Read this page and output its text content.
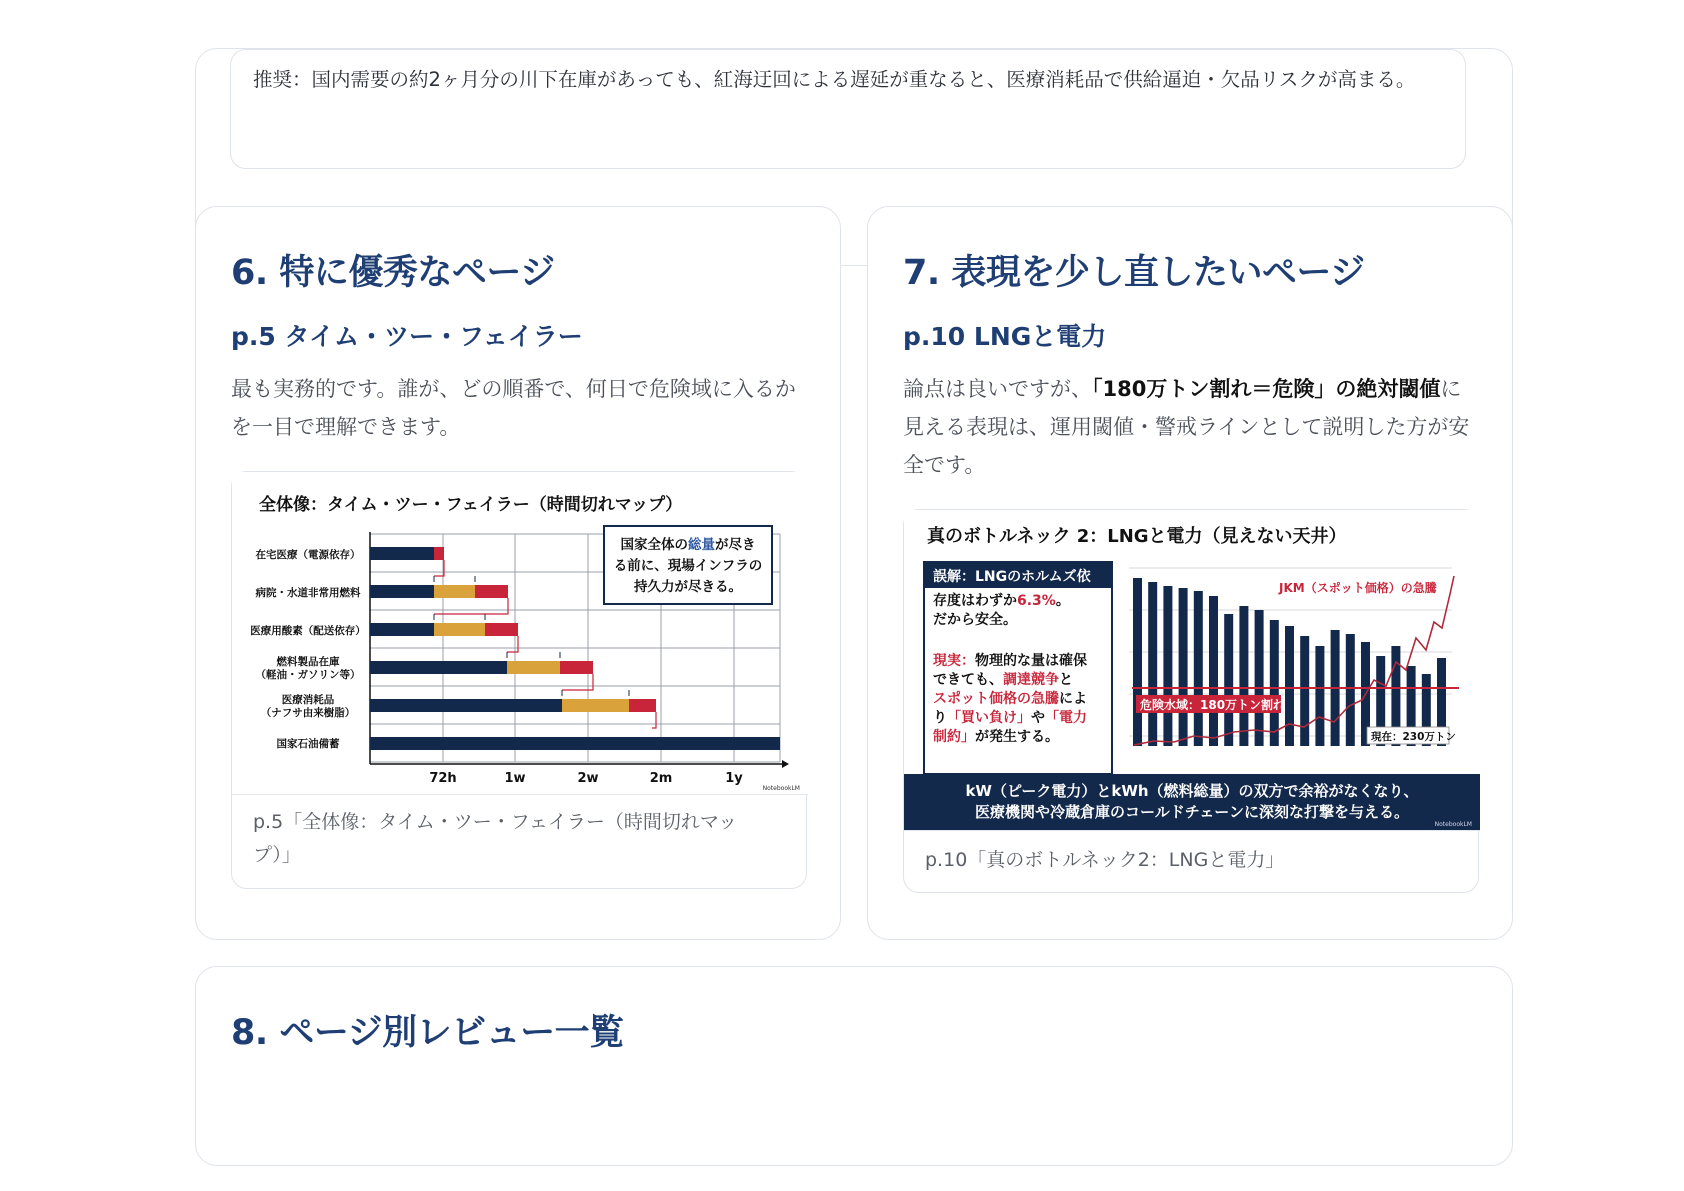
推奨：国内需要の約2ヶ月分の川下在庫があっても、紅海迂回による遅延が重なると、医療消耗品で供給逼迫・欠品リスクが高まる。
6. 特に優秀なページ
p.5 タイム・ツー・フェイラー

最も実務的です。誰が、どの順番で、何日で危険域に入るかを一目で理解できます。

全体像：タイム・ツー・フェイラー（時間切れマップ）
在宅医療（電源依存）
病院・水道非常用燃料
医療用酸素（配送依存）
燃料製品在庫
（軽油・ガソリン等）
医療消耗品
（ナフサ由来樹脂）
国家石油備蓄
72h	1w	2w	2m	1y
国家全体の総量が尽き
る前に、現場インフラの
持久力が尽きる。
NotebookLM
p.5「全体像：タイム・ツー・フェイラー（時間切れマップ）」
7. 表現を少し直したいページ
p.10 LNGと電力

論点は良いですが、「180万トン割れ＝危険」の絶対閾値に見える表現は、運用閾値・警戒ラインとして説明した方が安全です。

真のボトルネック 2：LNGと電力（見えない天井）
誤解：LNGのホルムズ依
存度はわずか6.3%。
だから安全。
現実：物理的な量は確保
できても、調達競争と
スポット価格の急騰によ
り「買い負け」や「電力
制約」が発生する。
危険水域：180万トン割れ
現在：230万トン
JKM（スポット価格）の急騰
kW（ピーク電力）とkWh（燃料総量）の双方で余裕がなくなり、
医療機関や冷蔵倉庫のコールドチェーンに深刻な打撃を与える。
NotebookLM
p.10「真のボトルネック2：LNGと電力」
8. ページ別レビュー一覧
